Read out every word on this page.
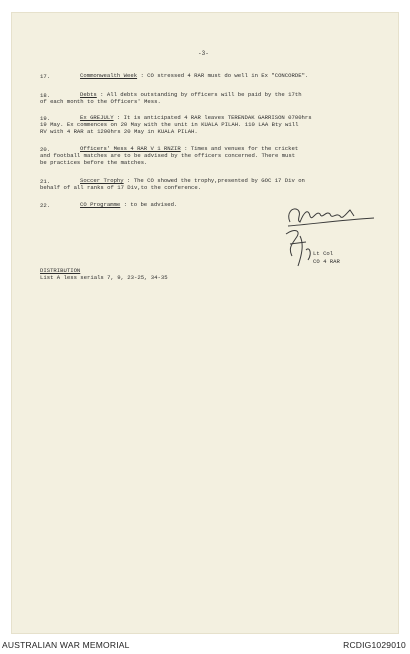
-3-
17.	Commonwealth Week : CO stressed 4 RAR must do well in Ex "CONCORDE".
18.	Debts : All debts outstanding by officers will be paid by the 17th
of each month to the Officers' Mess.
19.	Ex GREJULY : It is anticipated 4 RAR leaves TERENDAK GARRISON 0700hrs
19 May. Ex commences on 20 May with the unit in KUALA PILAH. 110 LAA Bty will
RV with 4 RAR at 1200hrs 20 May in KUALA PILAH.
20.	Officers' Mess 4 RAR V 1 RNZIR : Times and venues for the cricket
and football matches are to be advised by the officers concerned. There must
be practices before the matches.
21.	Soccer Trophy : The CO showed the trophy,presented by GOC 17 Div on
behalf of all ranks of 17 Div,to the conference.
22.	CO Programme : to be advised.
Lt Col
CO 4 RAR
DISTRIBUTION
List A less serials 7, 9, 23-25, 34-35
AUSTRALIAN WAR MEMORIAL	RCDIG1029010
